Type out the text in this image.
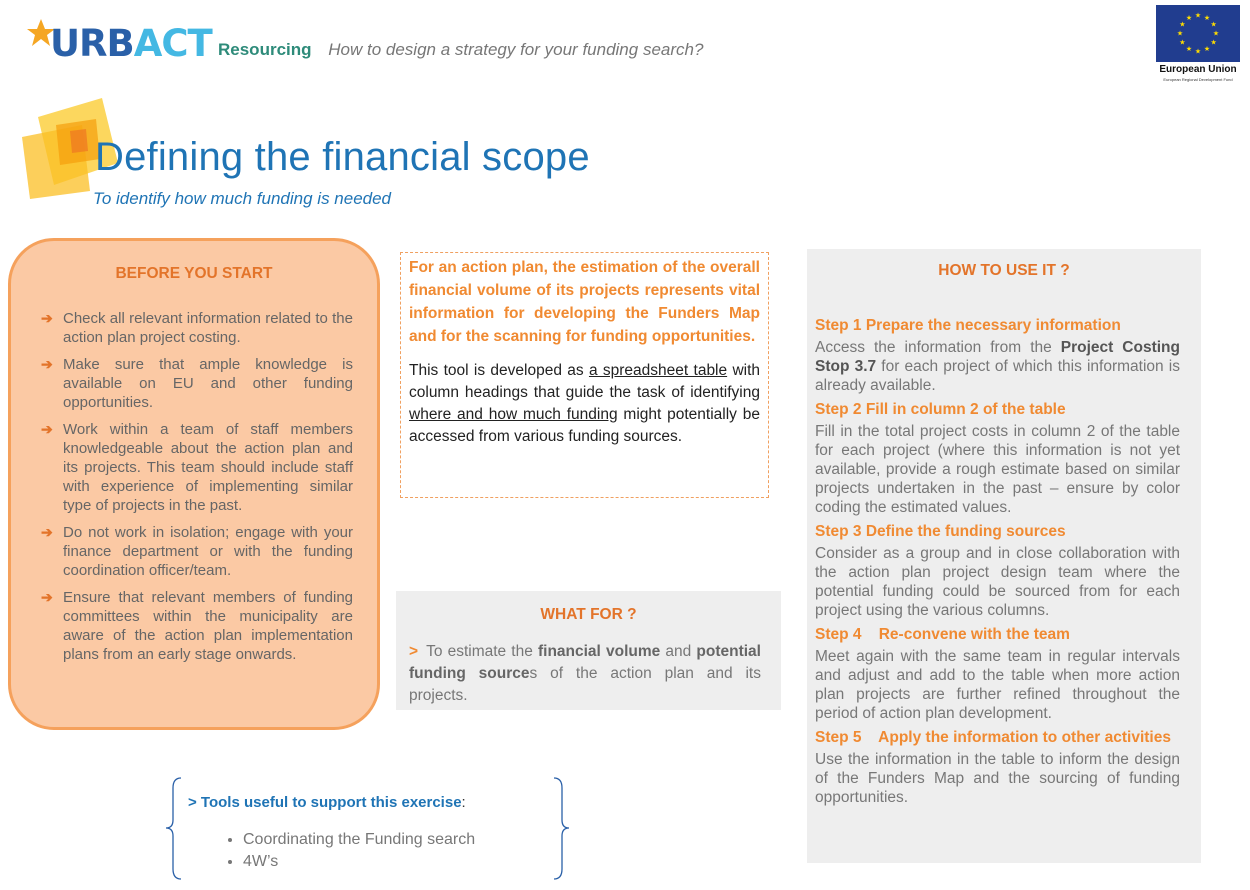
URBACT Resourcing How to design a strategy for your funding search?
★
★
★
★
★
★
★
★
★ ★ ★
★
European Union
European Regional Development Fund
Defining the financial scope
To identify how much funding is needed
BEFORE YOU START
➔ Check all relevant information related to the action plan project costing.
➔ Make sure that ample knowledge is available on EU and other funding opportunities.
➔ Work within a team of staff members knowledgeable about the action plan and its projects. This team should include staff with experience of implementing similar type of projects in the past.
➔ Do not work in isolation; engage with your finance department or with the funding coordination officer/team.
➔ Ensure that relevant members of funding committees within the municipality are aware of the action plan implementation plans from an early stage onwards.

For an action plan, the estimation of the overall financial volume of its projects represents vital information for developing the Funders Map and for the scanning for funding opportunities.

This tool is developed as a spreadsheet table with column headings that guide the task of identifying where and how much funding might potentially be accessed from various funding sources.

WHAT FOR ?

> To estimate the financial volume and potential funding sources of the action plan and its projects.

HOW TO USE IT ?

Step 1 Prepare the necessary information

Access the information from the Project Costing Stop 3.7 for each project of which this information is already available.

Step 2 Fill in column 2 of the table

Fill in the total project costs in column 2 of the table for each project (where this information is not yet available, provide a rough estimate based on similar projects undertaken in the past – ensure by color coding the estimated values.

Step 3 Define the funding sources

Consider as a group and in close collaboration with the action plan project design team where the potential funding could be sourced from for each project using the various columns.

Step 4    Re-convene with the team

Meet again with the same team in regular intervals and adjust and add to the table when more action plan projects are further refined throughout the period of action plan development.

Step 5    Apply the information to other activities

Use the information in the table to inform the design of the Funders Map and the sourcing of funding opportunities.

> Tools useful to support this exercise:
• Coordinating the Funding search
• 4W’s
